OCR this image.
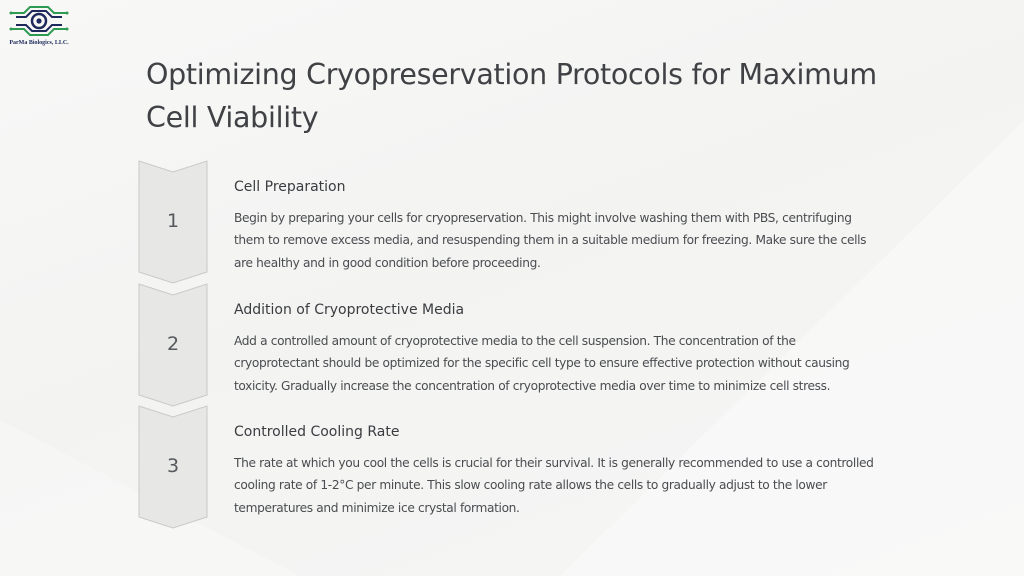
ParMa Biologics, LLC.
Optimizing Cryopreservation Protocols for Maximum Cell Viability
1
Cell Preparation

Begin by preparing your cells for cryopreservation. This might involve washing them with PBS, centrifuging them to remove excess media, and resuspending them in a suitable medium for freezing. Make sure the cells are healthy and in good condition before proceeding.

2
Addition of Cryoprotective Media

Add a controlled amount of cryoprotective media to the cell suspension. The concentration of the cryoprotectant should be optimized for the specific cell type to ensure effective protection without causing toxicity. Gradually increase the concentration of cryoprotective media over time to minimize cell stress.

3
Controlled Cooling Rate

The rate at which you cool the cells is crucial for their survival. It is generally recommended to use a controlled cooling rate of 1-2°C per minute. This slow cooling rate allows the cells to gradually adjust to the lower temperatures and minimize ice crystal formation.
